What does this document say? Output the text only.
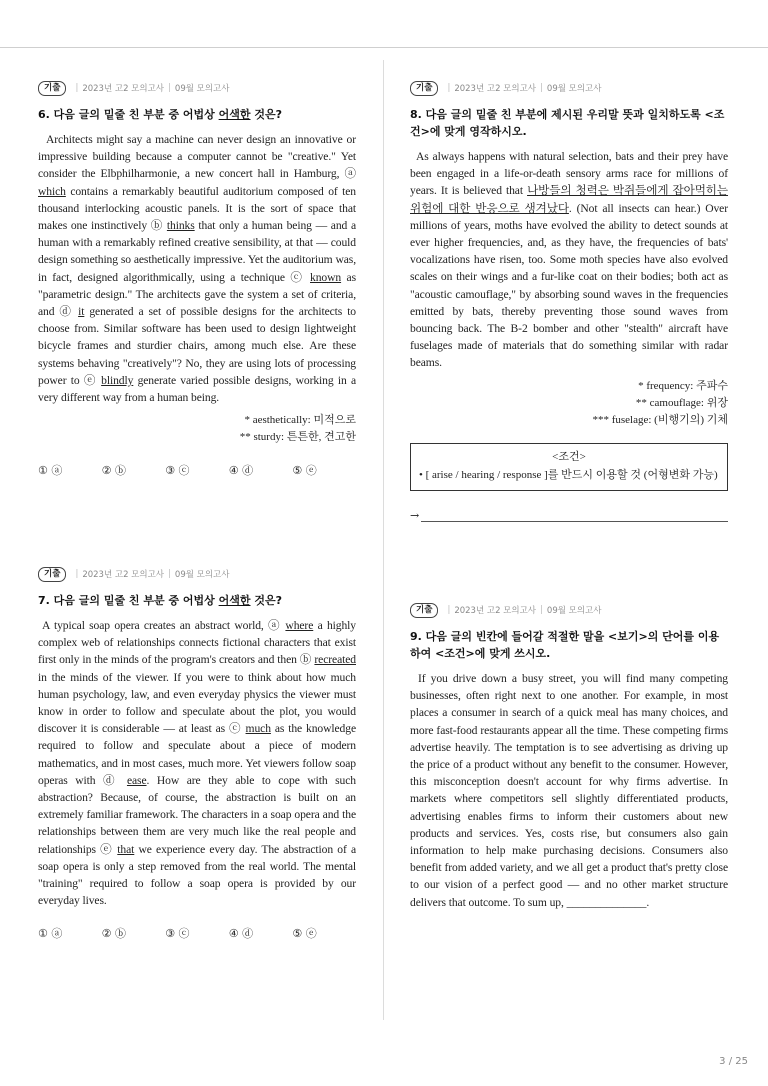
기출	| 2023년 고2 모의고사 | 09월 모의고사
6. 다음 글의 밑줄 친 부분 중 어법상 어색한 것은?
Architects might say a machine can never design an innovative or impressive building because a computer cannot be "creative." Yet consider the Elbphilharmonie, a new concert hall in Hamburg, ⓐ which contains a remarkably beautiful auditorium composed of ten thousand interlocking acoustic panels. It is the sort of space that makes one instinctively ⓑ thinks that only a human being — and a human with a remarkably refined creative sensibility, at that — could design something so aesthetically impressive. Yet the auditorium was, in fact, designed algorithmically, using a technique ⓒ known as "parametric design." The architects gave the system a set of criteria, and ⓓ it generated a set of possible designs for the architects to choose from. Similar software has been used to design lightweight bicycle frames and sturdier chairs, among much else. Are these systems behaving "creatively"? No, they are using lots of processing power to ⓔ blindly generate varied possible designs, working in a very different way from a human being.
* aesthetically: 미적으로
** sturdy: 튼튼한, 견고한
① ⓐ	② ⓑ	③ ⓒ	④ ⓓ	⑤ ⓔ
기출	| 2023년 고2 모의고사 | 09월 모의고사
7. 다음 글의 밑줄 친 부분 중 어법상 어색한 것은?
A typical soap opera creates an abstract world, ⓐ where a highly complex web of relationships connects fictional characters that exist first only in the minds of the program's creators and then ⓑ recreated in the minds of the viewer. If you were to think about how much human psychology, law, and even everyday physics the viewer must know in order to follow and speculate about the plot, you would discover it is considerable — at least as ⓒ much as the knowledge required to follow and speculate about a piece of modern mathematics, and in most cases, much more. Yet viewers follow soap operas with ⓓ ease. How are they able to cope with such abstraction? Because, of course, the abstraction is built on an extremely familiar framework. The characters in a soap opera and the relationships between them are very much like the real people and relationships ⓔ that we experience every day. The abstraction of a soap opera is only a step removed from the real world. The mental "training" required to follow a soap opera is provided by our everyday lives.
① ⓐ	② ⓑ	③ ⓒ	④ ⓓ	⑤ ⓔ
기출	| 2023년 고2 모의고사 | 09월 모의고사
8. 다음 글의 밑줄 친 부분에 제시된 우리말 뜻과 일치하도록 <조건>에 맞게 영작하시오.
As always happens with natural selection, bats and their prey have been engaged in a life-or-death sensory arms race for millions of years. It is believed that 나방들의 청력은 박쥐들에게 잡아먹히는 위험에 대한 반응으로 생겨났다. (Not all insects can hear.) Over millions of years, moths have evolved the ability to detect sounds at ever higher frequencies, and, as they have, the frequencies of bats' vocalizations have risen, too. Some moth species have also evolved scales on their wings and a fur-like coat on their bodies; both act as "acoustic camouflage," by absorbing sound waves in the frequencies emitted by bats, thereby preventing those sound waves from bouncing back. The B-2 bomber and other "stealth" aircraft have fuselages made of materials that do something similar with radar beams.
* frequency: 주파수
** camouflage: 위장
*** fuselage: (비행기의) 기체
<조건>
• [ arise / hearing / response ]를 반드시 이용할 것 (어형변화 가능)
→
기출	| 2023년 고2 모의고사 | 09월 모의고사
9. 다음 글의 빈칸에 들어갈 적절한 말을 <보기>의 단어를 이용하여 <조건>에 맞게 쓰시오.
If you drive down a busy street, you will find many competing businesses, often right next to one another. For example, in most places a consumer in search of a quick meal has many choices, and more fast-food restaurants appear all the time. These competing firms advertise heavily. The temptation is to see advertising as driving up the price of a product without any benefit to the consumer. However, this misconception doesn't account for why firms advertise. In markets where competitors sell slightly differentiated products, advertising enables firms to inform their customers about new products and services. Yes, costs rise, but consumers also gain information to help make purchasing decisions. Consumers also benefit from added variety, and we all get a product that's pretty close to our vision of a perfect good — and no other market structure delivers that outcome. To sum up, ______________.
3 / 25
